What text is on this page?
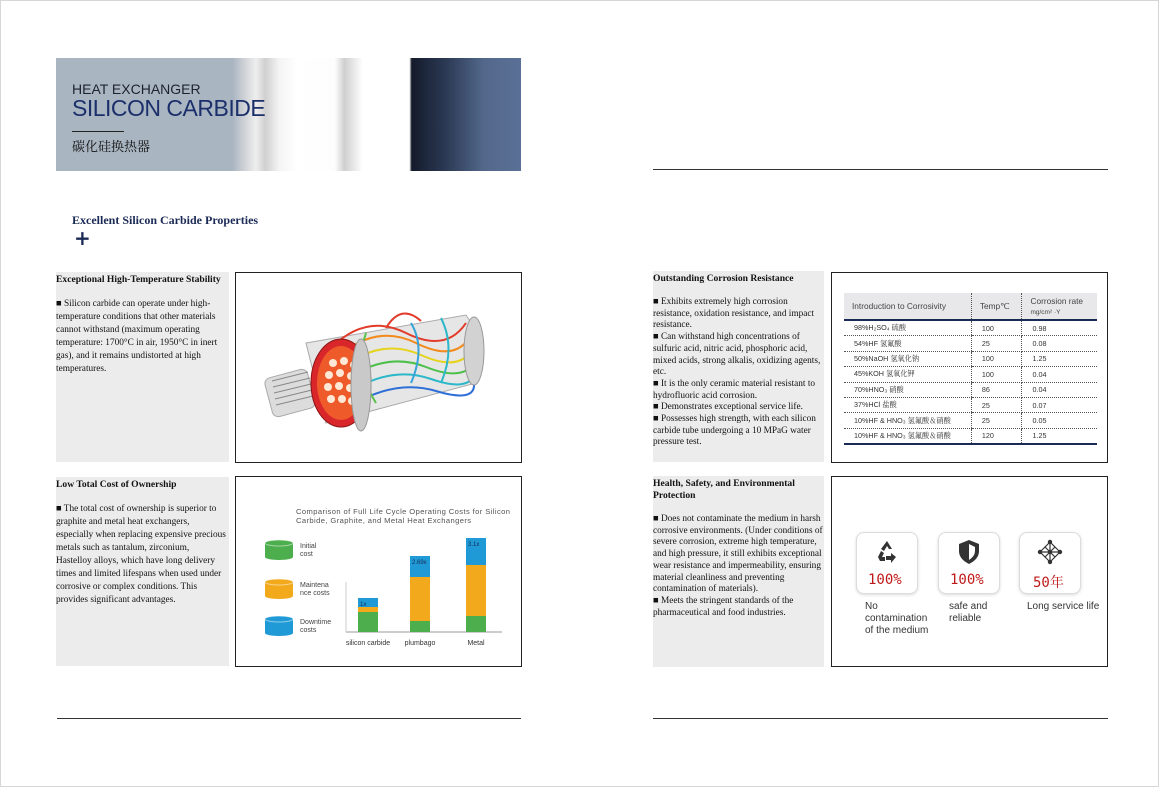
HEAT EXCHANGER
SILICON CARBIDE
碳化硅换热器
Excellent Silicon Carbide Properties
+
Exceptional High-Temperature Stability

■ Silicon carbide can operate under high-temperature conditions that other materials cannot withstand (maximum operating temperature: 1700°C in air, 1950°C in inert gas), and it remains undistorted at high temperatures.

Low Total Cost of Ownership

■ The total cost of ownership is superior to graphite and metal heat exchangers, especially when replacing expensive precious metals such as tantalum, zirconium, Hastelloy alloys, which have long delivery times and limited lifespans when used under corrosive or complex conditions. This provides significant advantages.

Comparison of Full Life Cycle Operating Costs for Silicon Carbide, Graphite, and Metal Heat Exchangers
1x
silicon carbide
2.69x
plumbago
3.1x
Metal
Initial
cost
Maintena
nce costs
Downtime
costs
Outstanding Corrosion Resistance

■ Exhibits extremely high corrosion resistance, oxidation resistance, and impact resistance.

■ Can withstand high concentrations of sulfuric acid, nitric acid, phosphoric acid, mixed acids, strong alkalis, oxidizing agents, etc.

■ It is the only ceramic material resistant to hydrofluoric acid corrosion.

■ Demonstrates exceptional service life.

■ Possesses high strength, with each silicon carbide tube undergoing a 10 MPaG water pressure test.

Introduction to Corrosivity	Temp℃	Corrosion rate
mg/cm² ·Y
98%H₂SO₄ 硫酸	100	0.98
54%HF 氢氟酸	25	0.08
50%NaOH 氢氧化钠	100	1.25
45%KOH 氢氧化钾	100	0.04
70%HNO₃ 硝酸	86	0.04
37%HCl 盐酸	25	0.07
10%HF & HNO₃ 氢氟酸＆硝酸	25	0.05
10%HF & HNO₃ 氢氟酸＆硝酸	120	1.25
Health, Safety, and Environmental Protection

■ Does not contaminate the medium in harsh corrosive environments. (Under conditions of severe corrosion, extreme high temperature, and high pressure, it still exhibits exceptional wear resistance and impermeability, ensuring material cleanliness and preventing contamination of materials).

■ Meets the stringent standards of the pharmaceutical and food industries.

100%
No contamination of the medium
100%
safe and reliable
50年
Long service life
